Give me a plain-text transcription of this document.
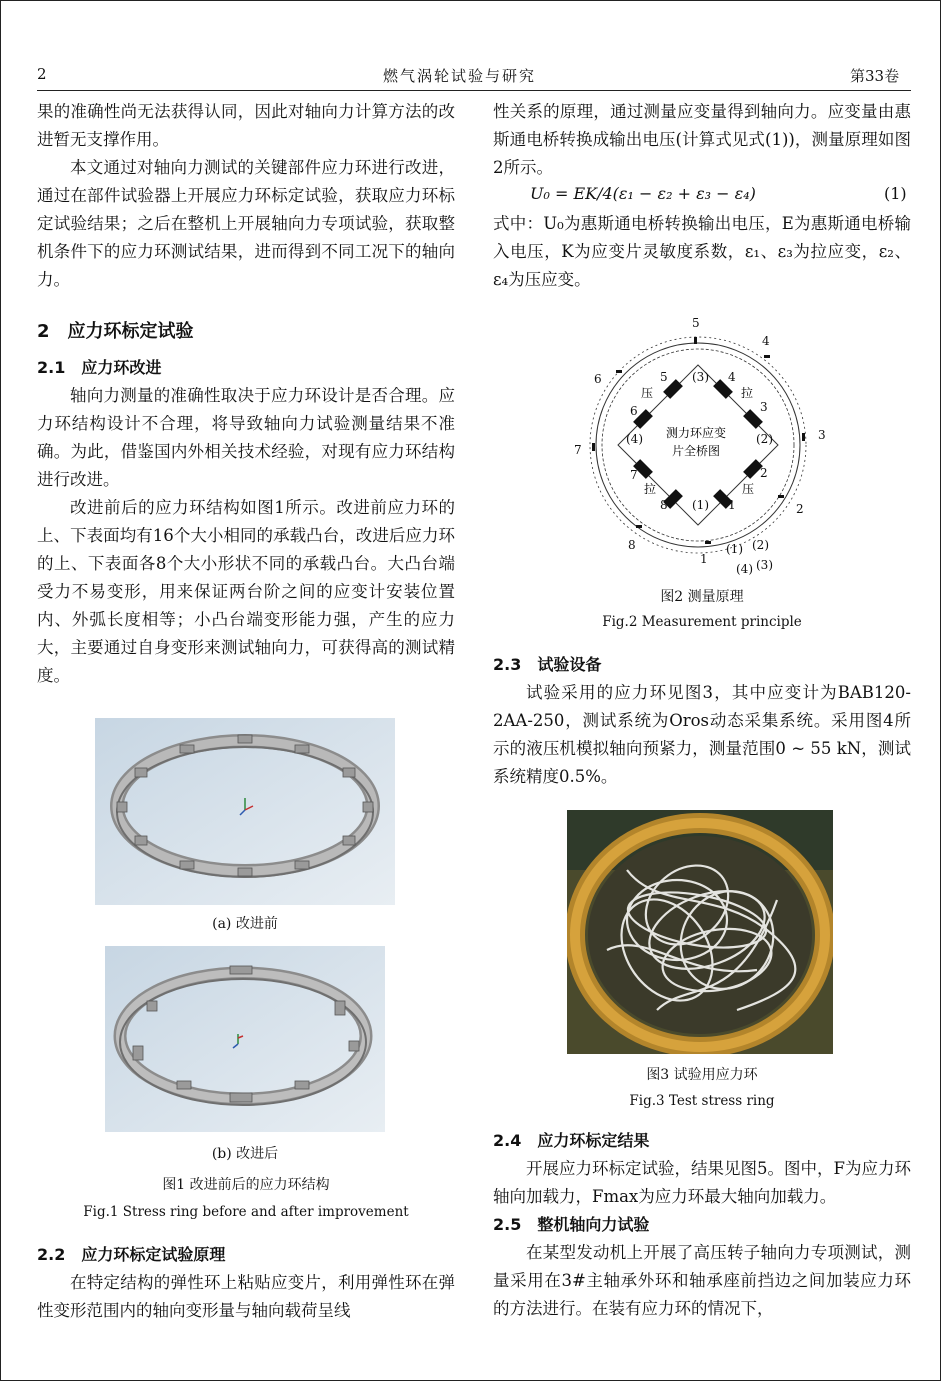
2	燃气涡轮试验与研究	第33卷

果的准确性尚无法获得认同，因此对轴向力计算方法的改进暂无支撑作用。

本文通过对轴向力测试的关键部件应力环进行改进，通过在部件试验器上开展应力环标定试验，获取应力环标定试验结果；之后在整机上开展轴向力专项试验，获取整机条件下的应力环测试结果，进而得到不同工况下的轴向力。

2　应力环标定试验

2.1　应力环改进

轴向力测量的准确性取决于应力环设计是否合理。应力环结构设计不合理，将导致轴向力试验测量结果不准确。为此，借鉴国内外相关技术经验，对现有应力环结构进行改进。

改进前后的应力环结构如图1所示。改进前应力环的上、下表面均有16个大小相同的承载凸台，改进后应力环的上、下表面各8个大小形状不同的承载凸台。大凸台端受力不易变形，用来保证两台阶之间的应变计安装位置内、外弧长度相等；小凸台端变形能力强，产生的应力大，主要通过自身变形来测试轴向力，可获得高的测试精度。

(a) 改进前

(b) 改进后

图1 改进前后的应力环结构

Fig.1 Stress ring before and after improvement

2.2　应力环标定试验原理

在特定结构的弹性环上粘贴应变片，利用弹性环在弹性变形范围内的轴向变形量与轴向载荷呈线

性关系的原理，通过测量应变量得到轴向力。应变量由惠斯通电桥转换成输出电压(计算式见式(1))，测量原理如图2所示。

U₀ = EK/4(ε₁ − ε₂ + ε₃ − ε₄)	(1)

式中：U₀为惠斯通电桥转换输出电压，E为惠斯通电桥输入电压，K为应变片灵敏度系数，ε₁、ε₃为拉应变，ε₂、ε₄为压应变。

5
4
3
2
1
8
7
6	5 (3) 4
3
(2)
2
1
(1)
8
7
(4)
6
(1) (2)
(4) (3)
压	拉
拉	压
测力环应变
片全桥图

图2 测量原理

Fig.2 Measurement principle

2.3　试验设备

试验采用的应力环见图3，其中应变计为BAB120-2AA-250，测试系统为Oros动态采集系统。采用图4所示的液压机模拟轴向预紧力，测量范围0 ~ 55 kN，测试系统精度0.5%。

图3 试验用应力环

Fig.3 Test stress ring

2.4　应力环标定结果

开展应力环标定试验，结果见图5。图中，F为应力环轴向加载力，Fmax为应力环最大轴向加载力。

2.5　整机轴向力试验

在某型发动机上开展了高压转子轴向力专项测试，测量采用在3#主轴承外环和轴承座前挡边之间加装应力环的方法进行。在装有应力环的情况下，
